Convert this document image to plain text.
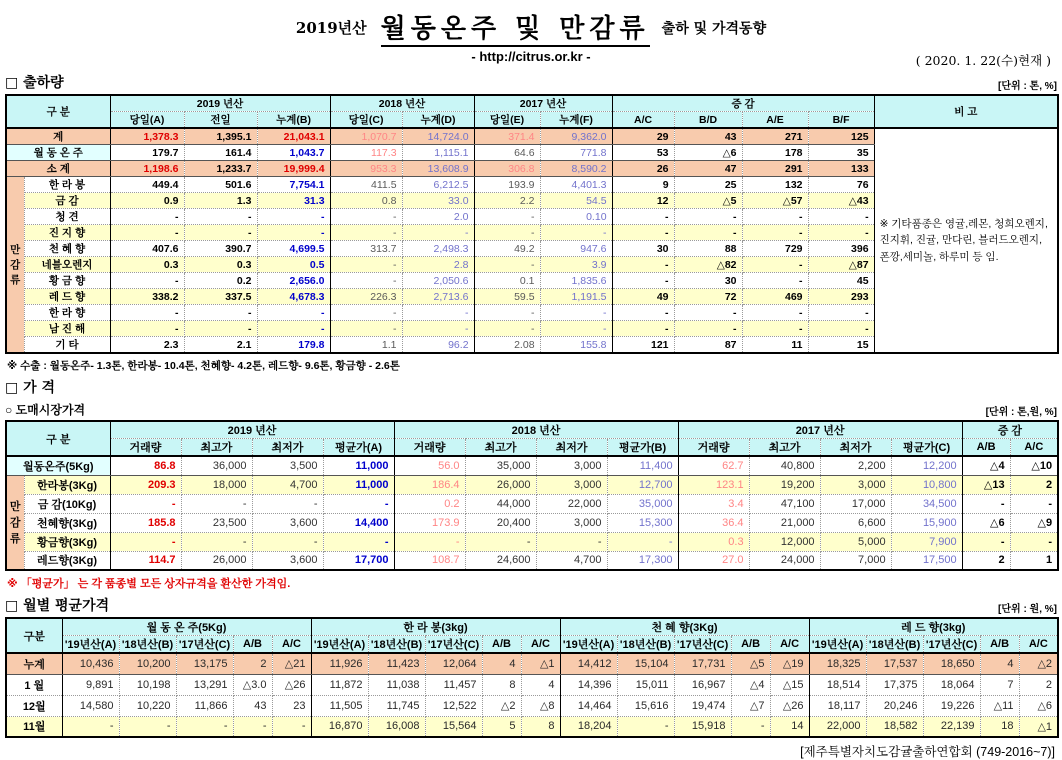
2019년산 월동온주 및 만감류 출하 및 가격동향
- http://citrus.or.kr -	( 2020. 1. 22(수)현재 )
□ 출하량	[단위 : 톤, %]
구 분		2019 년산			2018 년산		2017 년산		증 감				비 고
		당일(A)	전일	누계(B)	당일(C)	누계(D)	당일(E)	누계(F)	A/C	B/D	A/E	B/F	
계		1,378.3	1,395.1	21,043.1	1,070.7	14,724.0	371.4	9,362.0	29	43	271	125	※ 기타품종은 영귤,레몬, 청희오렌지, 진지휘, 진귤, 만다린, 블러드오렌지, 폰깡,세미놀, 하루미 등 임.
월 동 온 주		179.7	161.4	1,043.7	117.3	1,115.1	64.6	771.8	53	△6	178	35	
소 계		1,198.6	1,233.7	19,999.4	953.3	13,608.9	306.8	8,590.2	26	47	291	133	

만
감
류	한 라 봉	449.4	501.6	7,754.1	411.5	6,212.5	193.9	4,401.3	9	25	132	76	
	금 감	0.9	1.3	31.3	0.8	33.0	2.2	54.5	12	△5	△57	△43	
	청 견	-	-	-	-	2.0	-	0.10	-	-	-	-	
	진 지 향	-	-	-	-	-	-	-	-	-	-	-	
	천 혜 향	407.6	390.7	4,699.5	313.7	2,498.3	49.2	947.6	30	88	729	396	
	네블오렌지	0.3	0.3	0.5	-	2.8	-	3.9	-	△82	-	△87	
	황 금 향	-	0.2	2,656.0	-	2,050.6	0.1	1,835.6	-	30	-	45	
	레 드 향	338.2	337.5	4,678.3	226.3	2,713.6	59.5	1,191.5	49	72	469	293	
	한 라 향	-	-	-	-	-	-	-	-	-	-	-	
	남 진 해	-	-	-	-	-	-	-	-	-	-	-	
	기 타	2.3	2.1	179.8	1.1	96.2	2.08	155.8	121	87	11	15	
※ 수출 : 월동온주- 1.3톤, 한라봉- 10.4톤, 천혜향- 4.2톤, 레드향- 9.6톤, 황금향 - 2.6톤
□ 가 격
○ 도매시장가격	[단위 : 톤,원, %]
구 분		2019 년산				2018 년산				2017 년산				증 감	
		거래량	최고가	최저가	평균가(A)	거래량	최고가	최저가	평균가(B)	거래량	최고가	최저가	평균가(C)	A/B	A/C
월동온주(5Kg)		86.8	36,000	3,500	11,000	56.0	35,000	3,000	11,400	62.7	40,800	2,200	12,200	△4	△10

만
감
류	한라봉(3Kg)	209.3	18,000	4,700	11,000	186.4	26,000	3,000	12,700	123.1	19,200	3,000	10,800	△13	2
	금 감(10Kg)	-	-	-	-	0.2	44,000	22,000	35,000	3.4	47,100	17,000	34,500	-	-
	천혜향(3Kg)	185.8	23,500	3,600	14,400	173.9	20,400	3,000	15,300	36.4	21,000	6,600	15,900	△6	△9
	황금향(3Kg)	-	-	-	-	-	-	-	-	0.3	12,000	5,000	7,900	-	-
	레드향(3Kg)	114.7	26,000	3,600	17,700	108.7	24,600	4,700	17,300	27.0	24,000	7,000	17,500	2	1
※ 「평균가」 는 각 품종별 모든 상자규격을 환산한 가격임.
□ 월별 평균가격	[단위 : 원, %]
구분	월 동 온 주(5Kg)					한 라 봉(3kg)					천 혜 향(3Kg)					레 드 향(3kg)				
	'19년산(A)	'18년산(B)	'17년산(C)	A/B	A/C	'19년산(A)	'18년산(B)	'17년산(C)	A/B	A/C	'19년산(A)	'18년산(B)	'17년산(C)	A/B	A/C	'19년산(A)	'18년산(B)	'17년산(C)	A/B	A/C
누계	10,436	10,200	13,175	2	△21	11,926	11,423	12,064	4	△1	14,412	15,104	17,731	△5	△19	18,325	17,537	18,650	4	△2
1 월	9,891	10,198	13,291	△3.0	△26	11,872	11,038	11,457	8	4	14,396	15,011	16,967	△4	△15	18,514	17,375	18,064	7	2
12월	14,580	10,220	11,866	43	23	11,505	11,745	12,522	△2	△8	14,464	15,616	19,474	△7	△26	18,117	20,246	19,226	△11	△6
11월	-	-	-	-	-	16,870	16,008	15,564	5	8	18,204	-	15,918	-	14	22,000	18,582	22,139	18	△1
[제주특별자치도감귤출하연합회 (749-2016~7)]
